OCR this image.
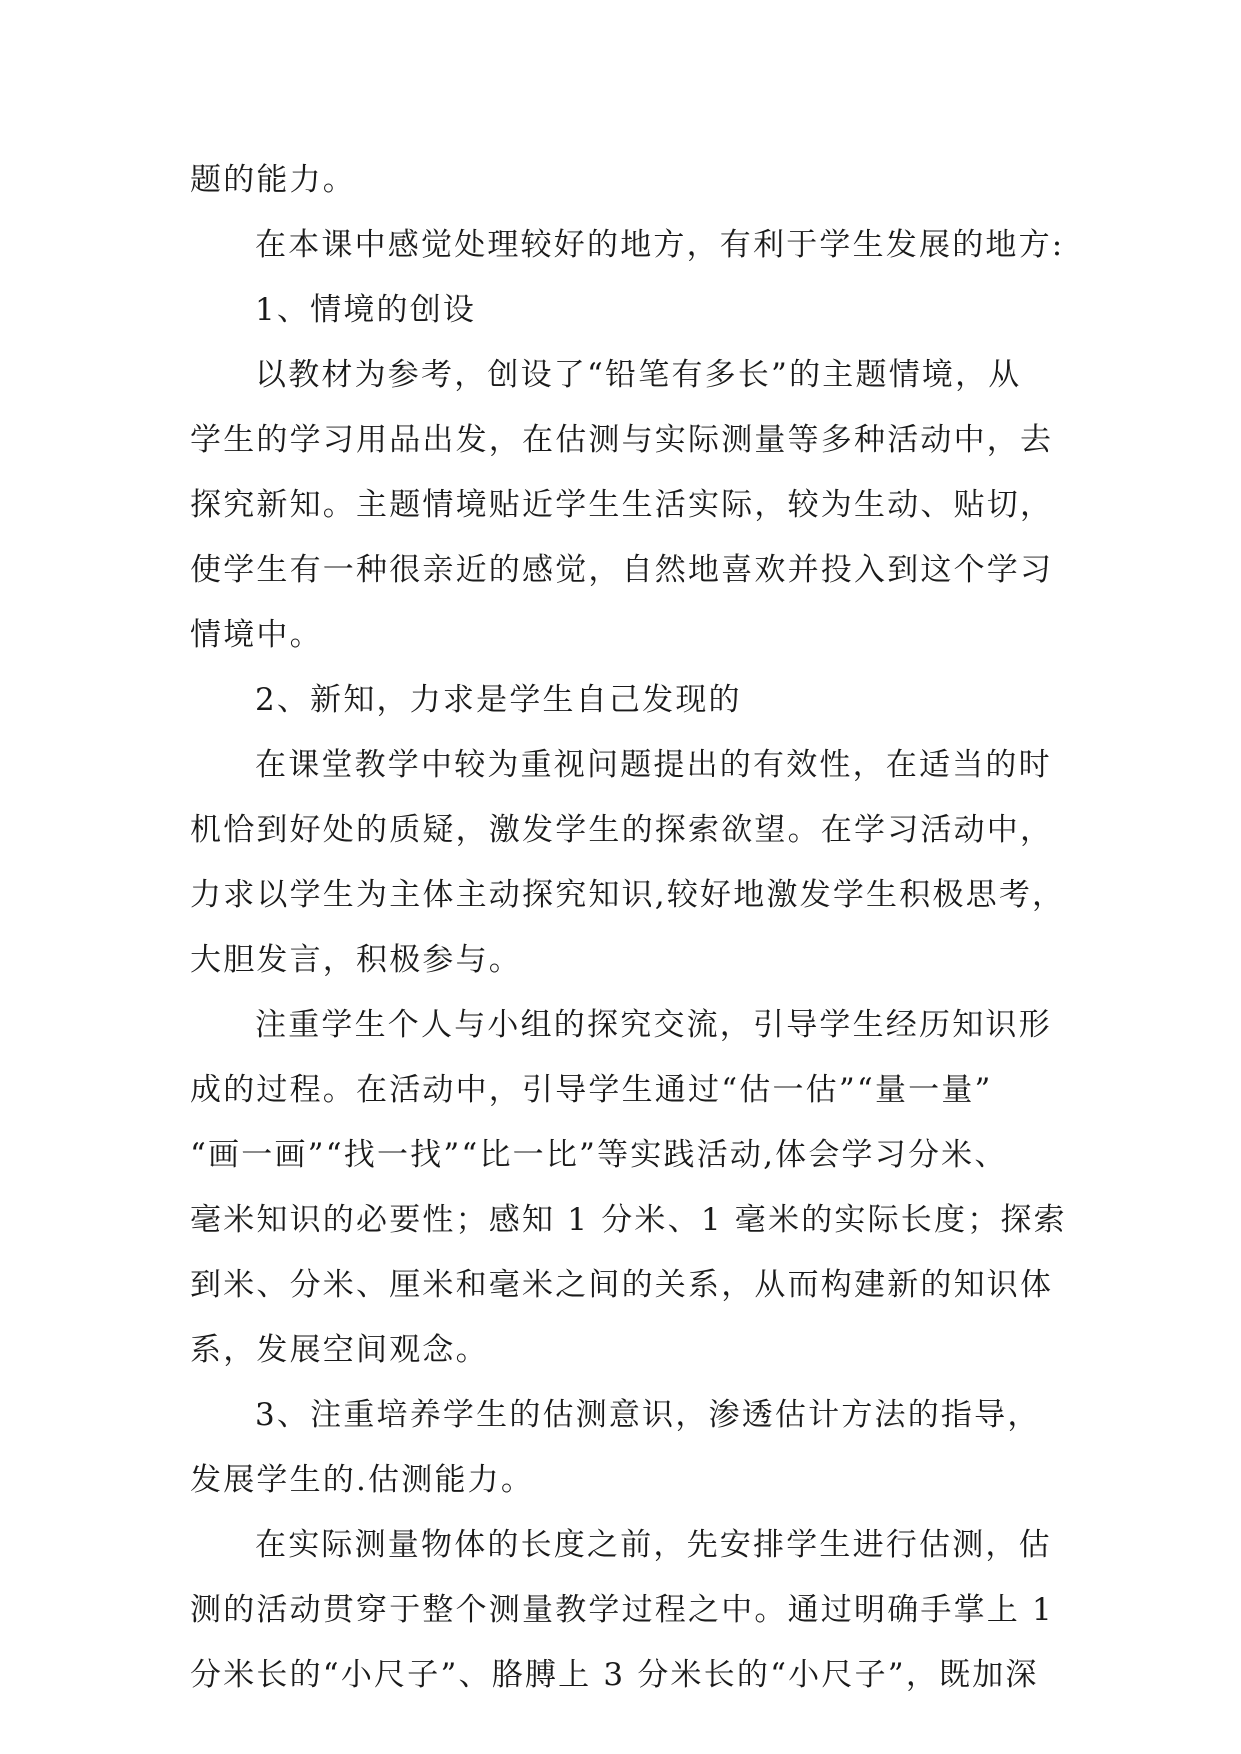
题的能力。
在本课中感觉处理较好的地方，有利于学生发展的地方:
1、情境的创设
以教材为参考，创设了“铅笔有多长”的主题情境，从
学生的学习用品出发，在估测与实际测量等多种活动中，去
探究新知。主题情境贴近学生生活实际，较为生动、贴切，
使学生有一种很亲近的感觉，自然地喜欢并投入到这个学习
情境中。
2、新知，力求是学生自己发现的
在课堂教学中较为重视问题提出的有效性，在适当的时
机恰到好处的质疑，激发学生的探索欲望。在学习活动中，
力求以学生为主体主动探究知识,较好地激发学生积极思考，
大胆发言，积极参与。
注重学生个人与小组的探究交流，引导学生经历知识形
成的过程。在活动中，引导学生通过“估一估”“量一量”
“画一画”“找一找”“比一比”等实践活动,体会学习分米、
毫米知识的必要性；感知 1 分米、1 毫米的实际长度；探索
到米、分米、厘米和毫米之间的关系，从而构建新的知识体
系，发展空间观念。
3、注重培养学生的估测意识，渗透估计方法的指导，
发展学生的.估测能力。
在实际测量物体的长度之前，先安排学生进行估测，估
测的活动贯穿于整个测量教学过程之中。通过明确手掌上 1
分米长的“小尺子”、胳膊上 3 分米长的“小尺子”，既加深
